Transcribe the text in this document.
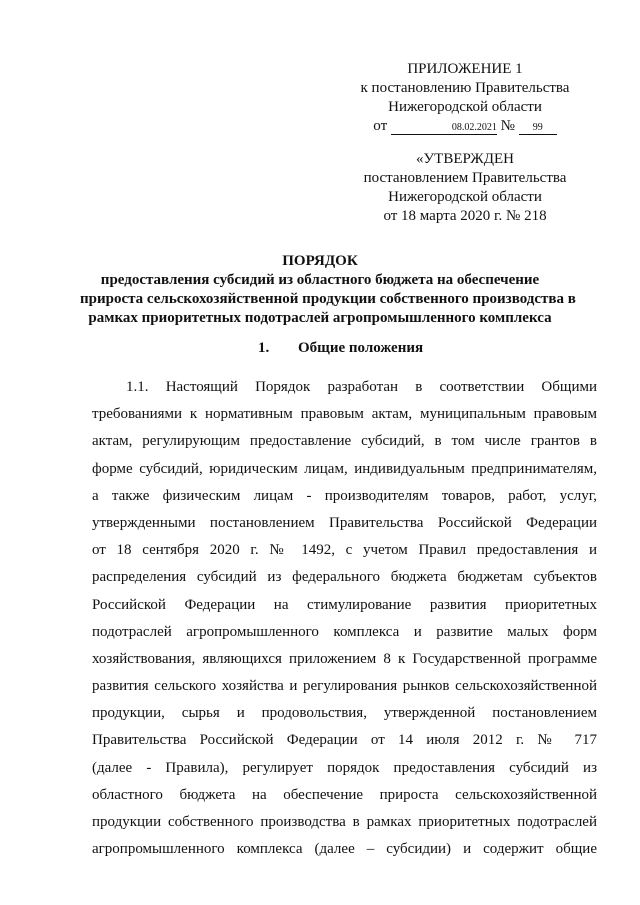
ПРИЛОЖЕНИЕ 1
к постановлению Правительства
Нижегородской области
от	08.02.2021 № 99
«УТВЕРЖДЕН
постановлением Правительства
Нижегородской области
от 18 марта 2020 г. № 218
ПОРЯДОК
предоставления субсидий из областного бюджета на обеспечение
прироста сельскохозяйственной продукции собственного производства в
рамках приоритетных подотраслей агропромышленного комплекса
1. Общие положения
1.1. Настоящий Порядок разработан в соответствии Общими
требованиями к нормативным правовым актам, муниципальным правовым
актам, регулирующим предоставление субсидий, в том числе грантов в
форме субсидий, юридическим лицам, индивидуальным предпринимателям,
а также физическим лицам - производителям товаров, работ, услуг,
утвержденными постановлением Правительства Российской Федерации
от 18 сентября 2020 г. № 1492, с учетом Правил предоставления и
распределения субсидий из федерального бюджета бюджетам субъектов
Российской Федерации на стимулирование развития приоритетных
подотраслей агропромышленного комплекса и развитие малых форм
хозяйствования, являющихся приложением 8 к Государственной программе
развития сельского хозяйства и регулирования рынков сельскохозяйственной
продукции, сырья и продовольствия, утвержденной постановлением
Правительства Российской Федерации от 14 июля 2012 г. № 717
(далее - Правила), регулирует порядок предоставления субсидий из
областного бюджета на обеспечение прироста сельскохозяйственной
продукции собственного производства в рамках приоритетных подотраслей
агропромышленного комплекса (далее – субсидии) и содержит общие
